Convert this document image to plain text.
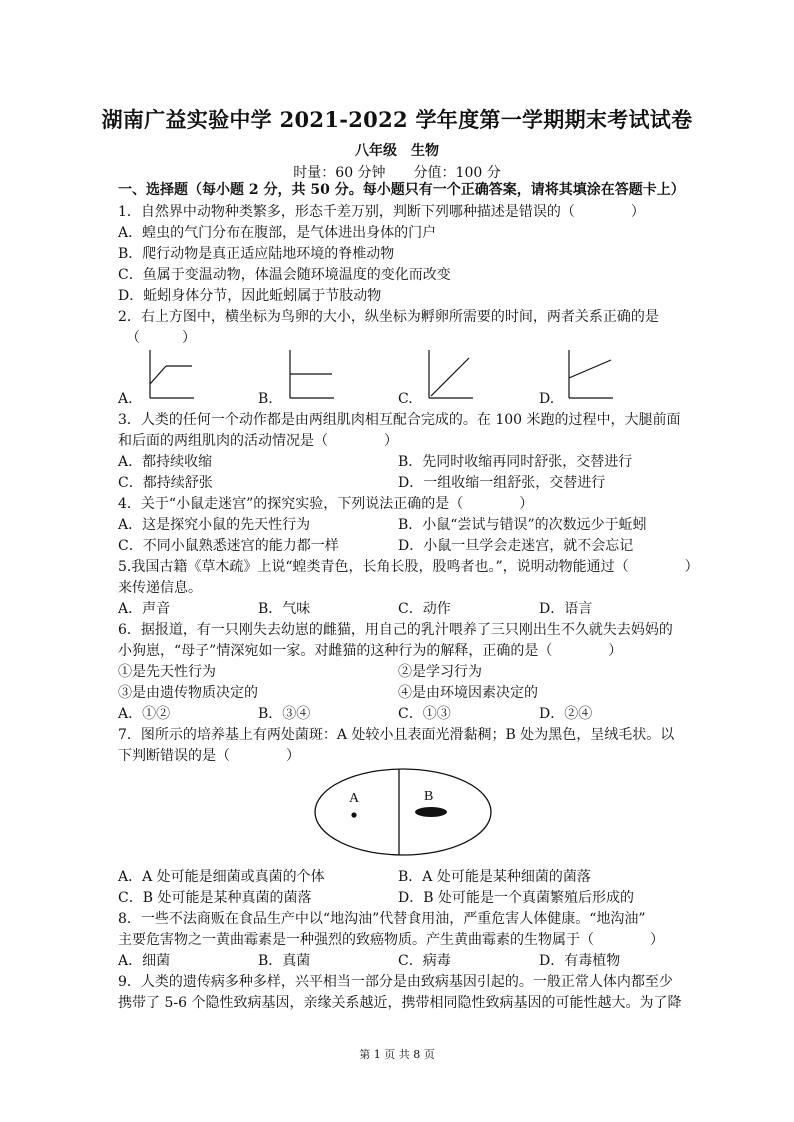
湖南广益实验中学 2021-2022 学年度第一学期期末考试试卷
八年级　生物
时量：60 分钟　　分值：100 分
一、选择题（每小题 2 分，共 50 分。每小题只有一个正确答案，请将其填涂在答题卡上）
1．自然界中动物种类繁多，形态千差万别，判断下列哪种描述是错误的（　　　　）
A．蝗虫的气门分布在腹部，是气体进出身体的门户
B．爬行动物是真正适应陆地环境的脊椎动物
C．鱼属于变温动物，体温会随环境温度的变化而改变
D．蚯蚓身体分节，因此蚯蚓属于节肢动物
2．右上方图中，横坐标为鸟卵的大小，纵坐标为孵卵所需要的时间，两者关系正确的是
（　　　）
A.	B.	C.	D.
3．人类的任何一个动作都是由两组肌肉相互配合完成的。在 100 米跑的过程中，大腿前面
和后面的两组肌肉的活动情况是（　　　　）
A．都持续收缩	B．先同时收缩再同时舒张，交替进行
C．都持续舒张	D．一组收缩一组舒张，交替进行
4．关于“小鼠走迷宫”的探究实验，下列说法正确的是（　　　　）
A．这是探究小鼠的先天性行为	B．小鼠“尝试与错误”的次数远少于蚯蚓
C．不同小鼠熟悉迷宫的能力都一样	D．小鼠一旦学会走迷宫，就不会忘记
5.我国古籍《草木疏》上说“蝗类青色，长角长股，股鸣者也。”，说明动物能通过（　　　　）
来传递信息。
A．声音	B．气味	C．动作	D．语言
6．据报道，有一只刚失去幼崽的雌猫，用自己的乳汁喂养了三只刚出生不久就失去妈妈的
小狗崽，“母子”情深宛如一家。对雌猫的这种行为的解释，正确的是（　　　　）
①是先天性行为	②是学习行为
③是由遗传物质决定的	④是由环境因素决定的
A．①②	B．③④	C．①③	D．②④
7．图所示的培养基上有两处菌斑：A 处较小且表面光滑黏稠；B 处为黑色，呈绒毛状。以
下判断错误的是（　　　　）
A	B
A．A 处可能是细菌或真菌的个体	B．A 处可能是某种细菌的菌落
C．B 处可能是某种真菌的菌落	D．B 处可能是一个真菌繁殖后形成的
8．一些不法商贩在食品生产中以“地沟油”代替食用油，严重危害人体健康。“地沟油”
主要危害物之一黄曲霉素是一种强烈的致癌物质。产生黄曲霉素的生物属于（　　　　）
A．细菌	B．真菌	C．病毒	D．有毒植物
9．人类的遗传病多种多样，兴平相当一部分是由致病基因引起的。一般正常人体内都至少
携带了 5-6 个隐性致病基因，亲缘关系越近，携带相同隐性致病基因的可能性越大。为了降
第 1 页 共 8 页
